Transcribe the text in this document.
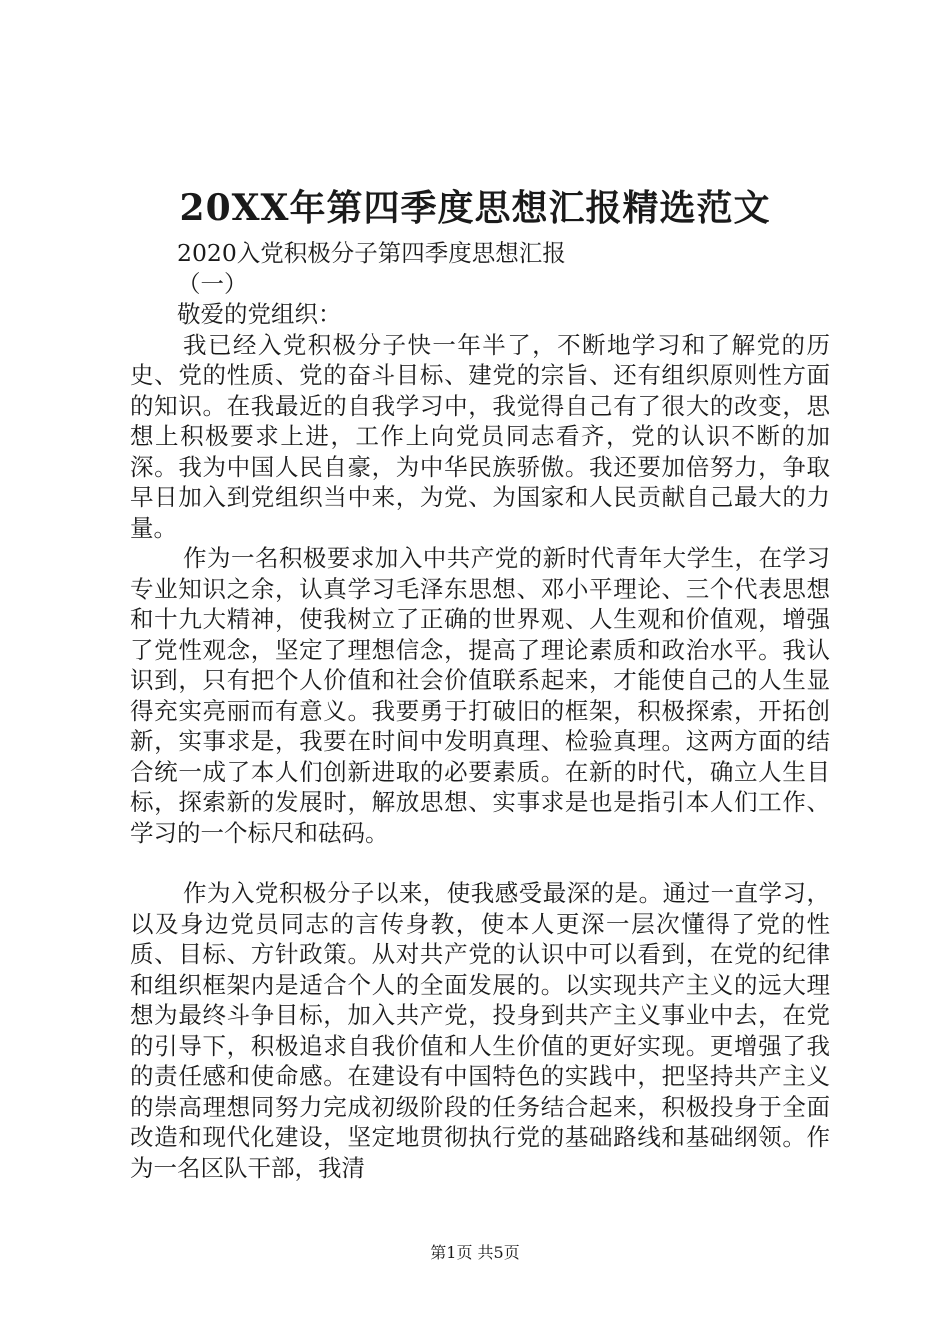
20XX年第四季度思想汇报精选范文

2020入党积极分子第四季度思想汇报

（一）

敬爱的党组织：

我已经入党积极分子快一年半了，不断地学习和了解党的历史、党的性质、党的奋斗目标、建党的宗旨、还有组织原则性方面的知识。在我最近的自我学习中，我觉得自己有了很大的改变，思想上积极要求上进，工作上向党员同志看齐，党的认识不断的加深。我为中国人民自豪，为中华民族骄傲。我还要加倍努力，争取早日加入到党组织当中来，为党、为国家和人民贡献自己最大的力量。

作为一名积极要求加入中共产党的新时代青年大学生，在学习专业知识之余，认真学习毛泽东思想、邓小平理论、三个代表思想和十九大精神，使我树立了正确的世界观、人生观和价值观，增强了党性观念，坚定了理想信念，提高了理论素质和政治水平。我认识到，只有把个人价值和社会价值联系起来，才能使自己的人生显得充实亮丽而有意义。我要勇于打破旧的框架，积极探索，开拓创新，实事求是，我要在时间中发明真理、检验真理。这两方面的结合统一成了本人们创新进取的必要素质。在新的时代，确立人生目标，探索新的发展时，解放思想、实事求是也是指引本人们工作、学习的一个标尺和砝码。

作为入党积极分子以来，使我感受最深的是。通过一直学习，以及身边党员同志的言传身教，使本人更深一层次懂得了党的性质、目标、方针政策。从对共产党的认识中可以看到，在党的纪律和组织框架内是适合个人的全面发展的。以实现共产主义的远大理想为最终斗争目标，加入共产党，投身到共产主义事业中去，在党的引导下，积极追求自我价值和人生价值的更好实现。更增强了我的责任感和使命感。在建设有中国特色的实践中，把坚持共产主义的崇高理想同努力完成初级阶段的任务结合起来，积极投身于全面改造和现代化建设，坚定地贯彻执行党的基础路线和基础纲领。作为一名区队干部，我清

第1页 共5页
